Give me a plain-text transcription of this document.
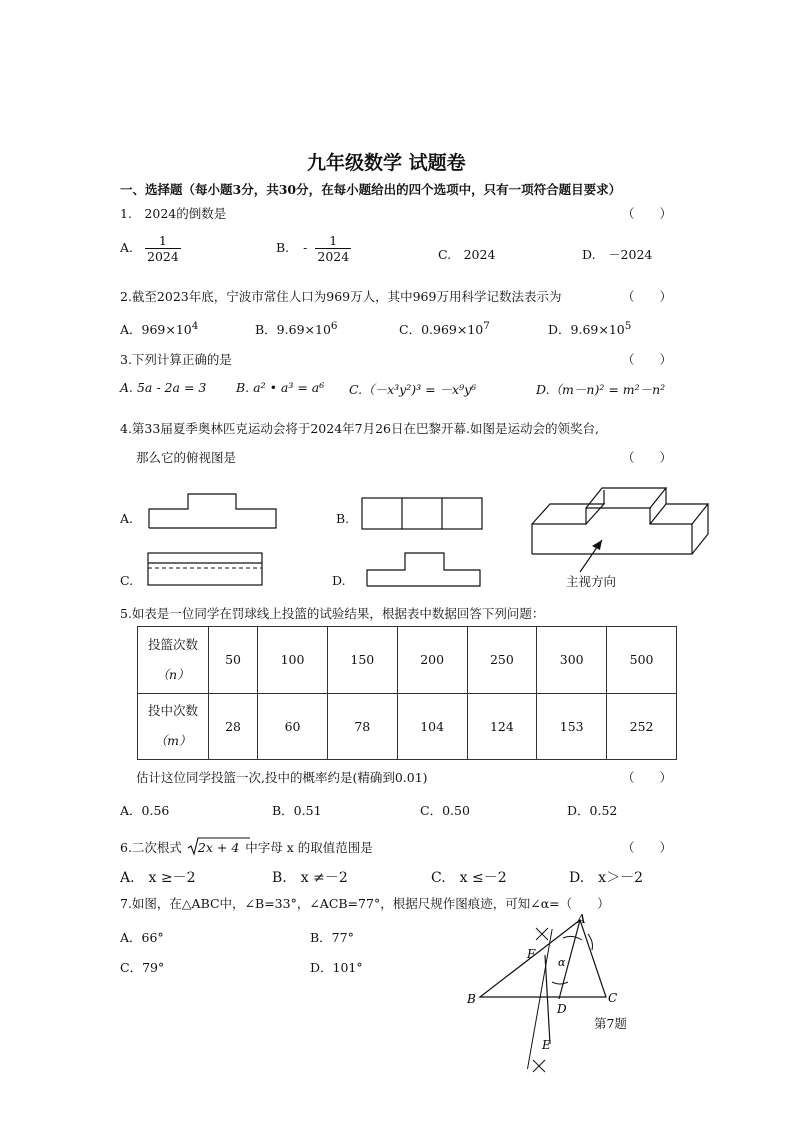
九年级数学 试题卷
一、选择题（每小题3分，共30分，在每小题给出的四个选项中，只有一项符合题目要求）
1.　2024的倒数是	（　　）
A. $\frac{1}{2024}$	B. - $\frac{1}{2024}$	C.　2024	D.　－2024
2.截至2023年底，宁波市常住人口为969万人，其中969万用科学记数法表示为	（　　）
A．$969\times 10^4$	B．$9.69\times 10^6$	C．$0.969\times 10^7$	D．$9.69\times 10^5$
3.下列计算正确的是	（　　）
A. 5a - 2a = 3 B. a² • a³ = a⁶ C.（－x³y²)³ = －x⁹y⁶	D.（m－n)² = m²－n²
4.第33届夏季奥林匹克运动会将于2024年7月26日在巴黎开幕.如图是运动会的领奖台,
那么它的俯视图是	（　　）
A.	B.
主视方向
C.	D.
5.如表是一位同学在罚球线上投篮的试验结果，根据表中数据回答下列问题：
投篮次数
（n）	50	100	150	200	250	300	500
投中次数
（m）	28	60	78	104	124	153	252
估计这位同学投篮一次,投中的概率约是(精确到0.01)	（　　）
A．0.56	B．0.51	C．0.50	D．0.52
6.二次根式 2x + 4 中字母 x 的取值范围是	（　　）
A.　x ≥－2	B.　x ≠－2	C.　x ≤－2	D.　x＞－2
7.如图，在△ABC中，∠B=33°，∠ACB=77°，根据尺规作图痕迹，可知∠α=（　　）
A．66°	B．77°
C．79°	D．101°
A
B	C
D
E
F
α
第7题
